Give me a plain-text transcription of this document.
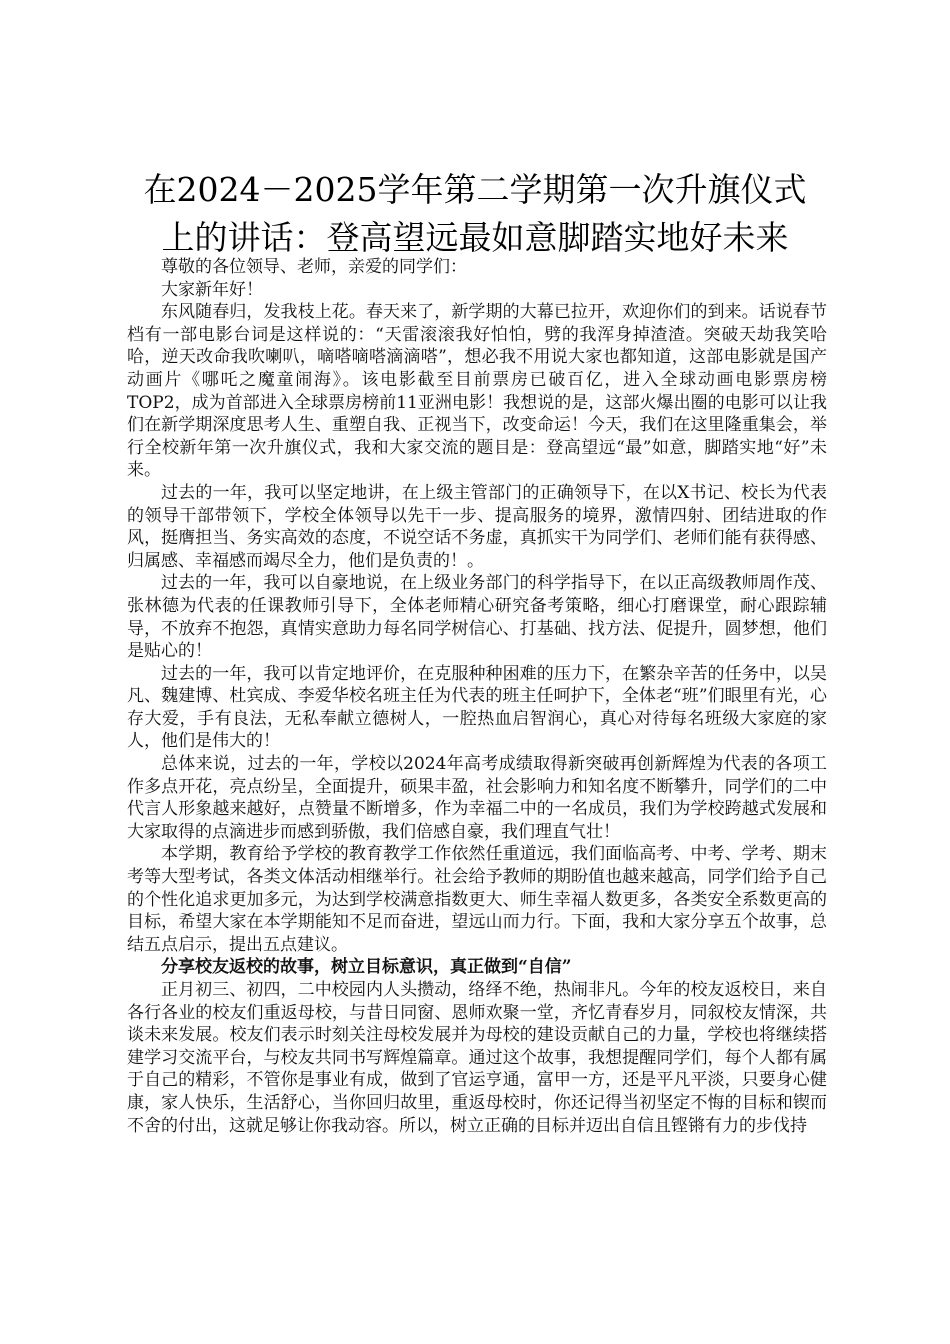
在2024－2025学年第二学期第一次升旗仪式
上的讲话：登高望远最如意脚踏实地好未来

尊敬的各位领导、老师，亲爱的同学们：

大家新年好！

东风随春归，发我枝上花。春天来了，新学期的大幕已拉开，欢迎你们的到来。话说春节档有一部电影台词是这样说的：“天雷滚滚我好怕怕，劈的我浑身掉渣渣。突破天劫我笑哈哈，逆天改命我吹喇叭，嘀嗒嘀嗒滴滴嗒”，想必我不用说大家也都知道，这部电影就是国产动画片《哪吒之魔童闹海》。该电影截至目前票房已破百亿，进入全球动画电影票房榜TOP2，成为首部进入全球票房榜前11亚洲电影！我想说的是，这部火爆出圈的电影可以让我们在新学期深度思考人生、重塑自我、正视当下，改变命运！今天，我们在这里隆重集会，举行全校新年第一次升旗仪式，我和大家交流的题目是：登高望远“最”如意，脚踏实地“好”未来。

过去的一年，我可以坚定地讲，在上级主管部门的正确领导下，在以X书记、校长为代表的领导干部带领下，学校全体领导以先干一步、提高服务的境界，激情四射、团结进取的作风，挺膺担当、务实高效的态度，不说空话不务虚，真抓实干为同学们、老师们能有获得感、归属感、幸福感而竭尽全力，他们是负责的！。

过去的一年，我可以自豪地说，在上级业务部门的科学指导下，在以正高级教师周作茂、张林德为代表的任课教师引导下，全体老师精心研究备考策略，细心打磨课堂，耐心跟踪辅导，不放弃不抱怨，真情实意助力每名同学树信心、打基础、找方法、促提升，圆梦想，他们是贴心的！

过去的一年，我可以肯定地评价，在克服种种困难的压力下，在繁杂辛苦的任务中，以吴凡、魏建博、杜宾成、李爱华校名班主任为代表的班主任呵护下，全体老“班”们眼里有光，心存大爱，手有良法，无私奉献立德树人，一腔热血启智润心，真心对待每名班级大家庭的家人，他们是伟大的！

总体来说，过去的一年，学校以2024年高考成绩取得新突破再创新辉煌为代表的各项工作多点开花，亮点纷呈，全面提升，硕果丰盈，社会影响力和知名度不断攀升，同学们的二中代言人形象越来越好，点赞量不断增多，作为幸福二中的一名成员，我们为学校跨越式发展和大家取得的点滴进步而感到骄傲，我们倍感自豪，我们理直气壮！

本学期，教育给予学校的教育教学工作依然任重道远，我们面临高考、中考、学考、期末考等大型考试，各类文体活动相继举行。社会给予教师的期盼值也越来越高，同学们给予自己的个性化追求更加多元，为达到学校满意指数更大、师生幸福人数更多，各类安全系数更高的目标，希望大家在本学期能知不足而奋进，望远山而力行。下面，我和大家分享五个故事，总结五点启示，提出五点建议。

分享校友返校的故事，树立目标意识，真正做到“自信”

正月初三、初四，二中校园内人头攒动，络绎不绝，热闹非凡。今年的校友返校日，来自各行各业的校友们重返母校，与昔日同窗、恩师欢聚一堂，齐忆青春岁月，同叙校友情深，共谈未来发展。校友们表示时刻关注母校发展并为母校的建设贡献自己的力量，学校也将继续搭建学习交流平台，与校友共同书写辉煌篇章。通过这个故事，我想提醒同学们，每个人都有属于自己的精彩，不管你是事业有成，做到了官运亨通，富甲一方，还是平凡平淡，只要身心健康，家人快乐，生活舒心，当你回归故里，重返母校时，你还记得当初坚定不悔的目标和锲而不舍的付出，这就足够让你我动容。所以，树立正确的目标并迈出自信且铿锵有力的步伐持
